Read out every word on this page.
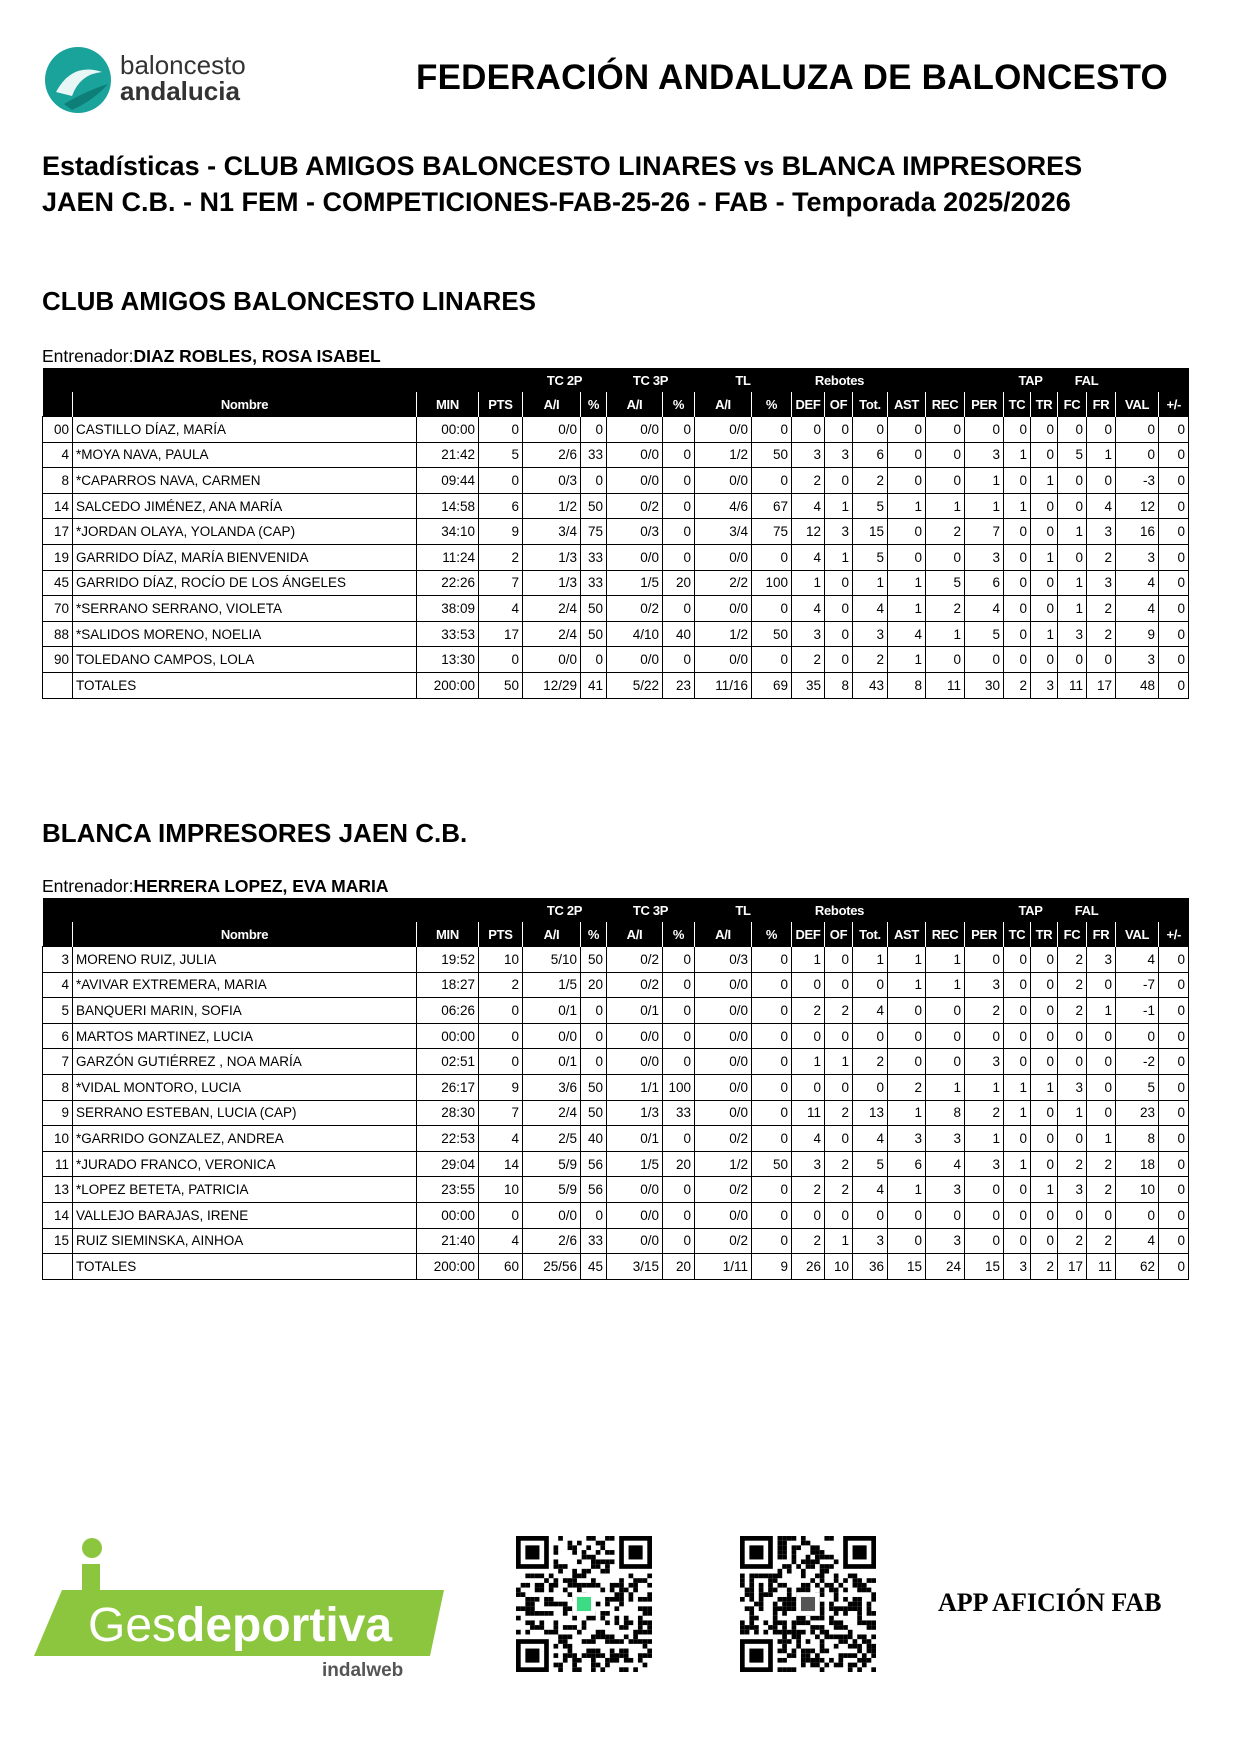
baloncesto
andalucia	FEDERACIÓN ANDALUZA DE BALONCESTO
Estadísticas - CLUB AMIGOS BALONCESTO LINARES vs BLANCA IMPRESORES
JAEN C.B. - N1 FEM - COMPETICIONES-FAB-25-26 - FAB - Temporada 2025/2026
CLUB AMIGOS BALONCESTO LINARES
Entrenador:DIAZ ROBLES, ROSA ISABEL
				TC 2P		TC 3P		TL		Rebotes						TAP		FAL			
	Nombre	MIN	PTS	A/I	%	A/I	%	A/I	%	DEF	OF	Tot.	AST	REC	PER	TC	TR	FC	FR	VAL	+/-
00	CASTILLO DÍAZ, MARÍA	00:00	0	0/0	0	0/0	0	0/0	0	0	0	0	0	0	0	0	0	0	0	0	0
4	*MOYA NAVA, PAULA	21:42	5	2/6	33	0/0	0	1/2	50	3	3	6	0	0	3	1	0	5	1	0	0
8	*CAPARROS NAVA, CARMEN	09:44	0	0/3	0	0/0	0	0/0	0	2	0	2	0	0	1	0	1	0	0	-3	0
14	SALCEDO JIMÉNEZ, ANA MARÍA	14:58	6	1/2	50	0/2	0	4/6	67	4	1	5	1	1	1	1	0	0	4	12	0
17	*JORDAN OLAYA, YOLANDA (CAP)	34:10	9	3/4	75	0/3	0	3/4	75	12	3	15	0	2	7	0	0	1	3	16	0
19	GARRIDO DÍAZ, MARÍA BIENVENIDA	11:24	2	1/3	33	0/0	0	0/0	0	4	1	5	0	0	3	0	1	0	2	3	0
45	GARRIDO DÍAZ, ROCÍO DE LOS ÁNGELES	22:26	7	1/3	33	1/5	20	2/2	100	1	0	1	1	5	6	0	0	1	3	4	0
70	*SERRANO SERRANO, VIOLETA	38:09	4	2/4	50	0/2	0	0/0	0	4	0	4	1	2	4	0	0	1	2	4	0
88	*SALIDOS MORENO, NOELIA	33:53	17	2/4	50	4/10	40	1/2	50	3	0	3	4	1	5	0	1	3	2	9	0
90	TOLEDANO CAMPOS, LOLA	13:30	0	0/0	0	0/0	0	0/0	0	2	0	2	1	0	0	0	0	0	0	3	0
	TOTALES	200:00	50	12/29	41	5/22	23	11/16	69	35	8	43	8	11	30	2	3	11	17	48	0
BLANCA IMPRESORES JAEN C.B.
Entrenador:HERRERA LOPEZ, EVA MARIA
				TC 2P		TC 3P		TL		Rebotes						TAP		FAL			
	Nombre	MIN	PTS	A/I	%	A/I	%	A/I	%	DEF	OF	Tot.	AST	REC	PER	TC	TR	FC	FR	VAL	+/-
3	MORENO RUIZ, JULIA	19:52	10	5/10	50	0/2	0	0/3	0	1	0	1	1	1	0	0	0	2	3	4	0
4	*AVIVAR EXTREMERA, MARIA	18:27	2	1/5	20	0/2	0	0/0	0	0	0	0	1	1	3	0	0	2	0	-7	0
5	BANQUERI MARIN, SOFIA	06:26	0	0/1	0	0/1	0	0/0	0	2	2	4	0	0	2	0	0	2	1	-1	0
6	MARTOS MARTINEZ, LUCIA	00:00	0	0/0	0	0/0	0	0/0	0	0	0	0	0	0	0	0	0	0	0	0	0
7	GARZÓN GUTIÉRREZ , NOA MARÍA	02:51	0	0/1	0	0/0	0	0/0	0	1	1	2	0	0	3	0	0	0	0	-2	0
8	*VIDAL MONTORO, LUCIA	26:17	9	3/6	50	1/1	100	0/0	0	0	0	0	2	1	1	1	1	3	0	5	0
9	SERRANO ESTEBAN, LUCIA (CAP)	28:30	7	2/4	50	1/3	33	0/0	0	11	2	13	1	8	2	1	0	1	0	23	0
10	*GARRIDO GONZALEZ, ANDREA	22:53	4	2/5	40	0/1	0	0/2	0	4	0	4	3	3	1	0	0	0	1	8	0
11	*JURADO FRANCO, VERONICA	29:04	14	5/9	56	1/5	20	1/2	50	3	2	5	6	4	3	1	0	2	2	18	0
13	*LOPEZ BETETA, PATRICIA	23:55	10	5/9	56	0/0	0	0/2	0	2	2	4	1	3	0	0	1	3	2	10	0
14	VALLEJO BARAJAS, IRENE	00:00	0	0/0	0	0/0	0	0/0	0	0	0	0	0	0	0	0	0	0	0	0	0
15	RUIZ SIEMINSKA, AINHOA	21:40	4	2/6	33	0/0	0	0/2	0	2	1	3	0	3	0	0	0	2	2	4	0
	TOTALES	200:00	60	25/56	45	3/15	20	1/11	9	26	10	36	15	24	15	3	2	17	11	62	0
Ges deportiva
indalweb
APP AFICIÓN FAB
